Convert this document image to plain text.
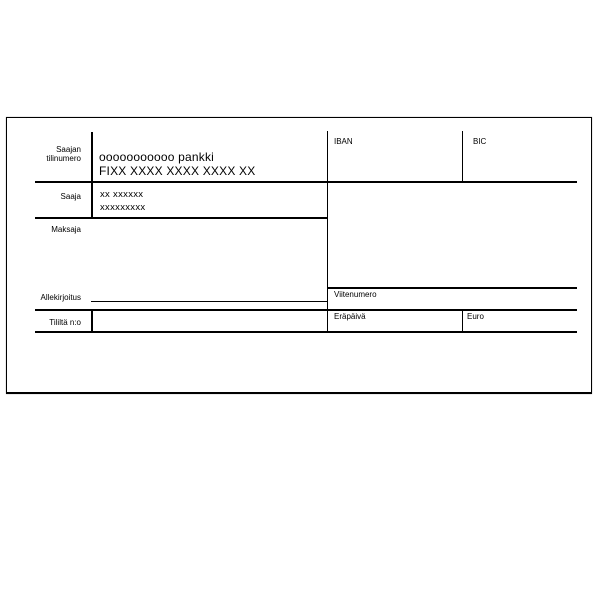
Saajan
tilinumero ooooooooooo pankki
FIXX XXXX XXXX XXXX XX
IBAN	BIC
Saaja xx xxxxxx
xxxxxxxxx
Maksaja
Allekirjoitus
Tililtä n:o
Viitenumero
Eräpäivä	Euro
